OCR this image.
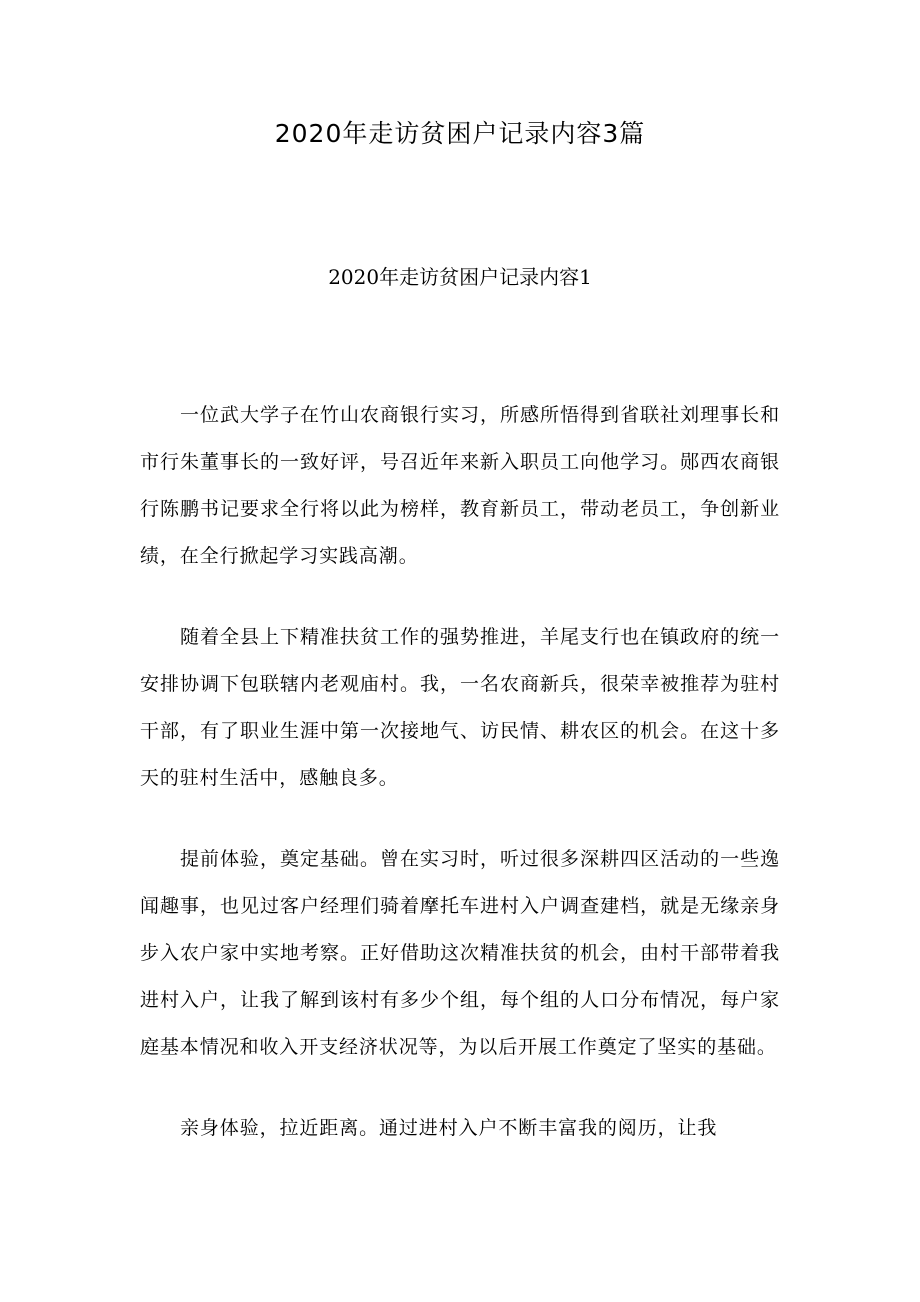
2020年走访贫困户记录内容3篇
2020年走访贫困户记录内容1

一位武大学子在竹山农商银行实习，所感所悟得到省联社刘理事长和市行朱董事长的一致好评，号召近年来新入职员工向他学习。郧西农商银行陈鹏书记要求全行将以此为榜样，教育新员工，带动老员工，争创新业绩，在全行掀起学习实践高潮。

随着全县上下精准扶贫工作的强势推进，羊尾支行也在镇政府的统一安排协调下包联辖内老观庙村。我，一名农商新兵，很荣幸被推荐为驻村干部，有了职业生涯中第一次接地气、访民情、耕农区的机会。在这十多天的驻村生活中，感触良多。

提前体验，奠定基础。曾在实习时，听过很多深耕四区活动的一些逸闻趣事，也见过客户经理们骑着摩托车进村入户调查建档，就是无缘亲身步入农户家中实地考察。正好借助这次精准扶贫的机会，由村干部带着我进村入户，让我了解到该村有多少个组，每个组的人口分布情况，每户家庭基本情况和收入开支经济状况等，为以后开展工作奠定了坚实的基础。

亲身体验，拉近距离。通过进村入户不断丰富我的阅历，让我
